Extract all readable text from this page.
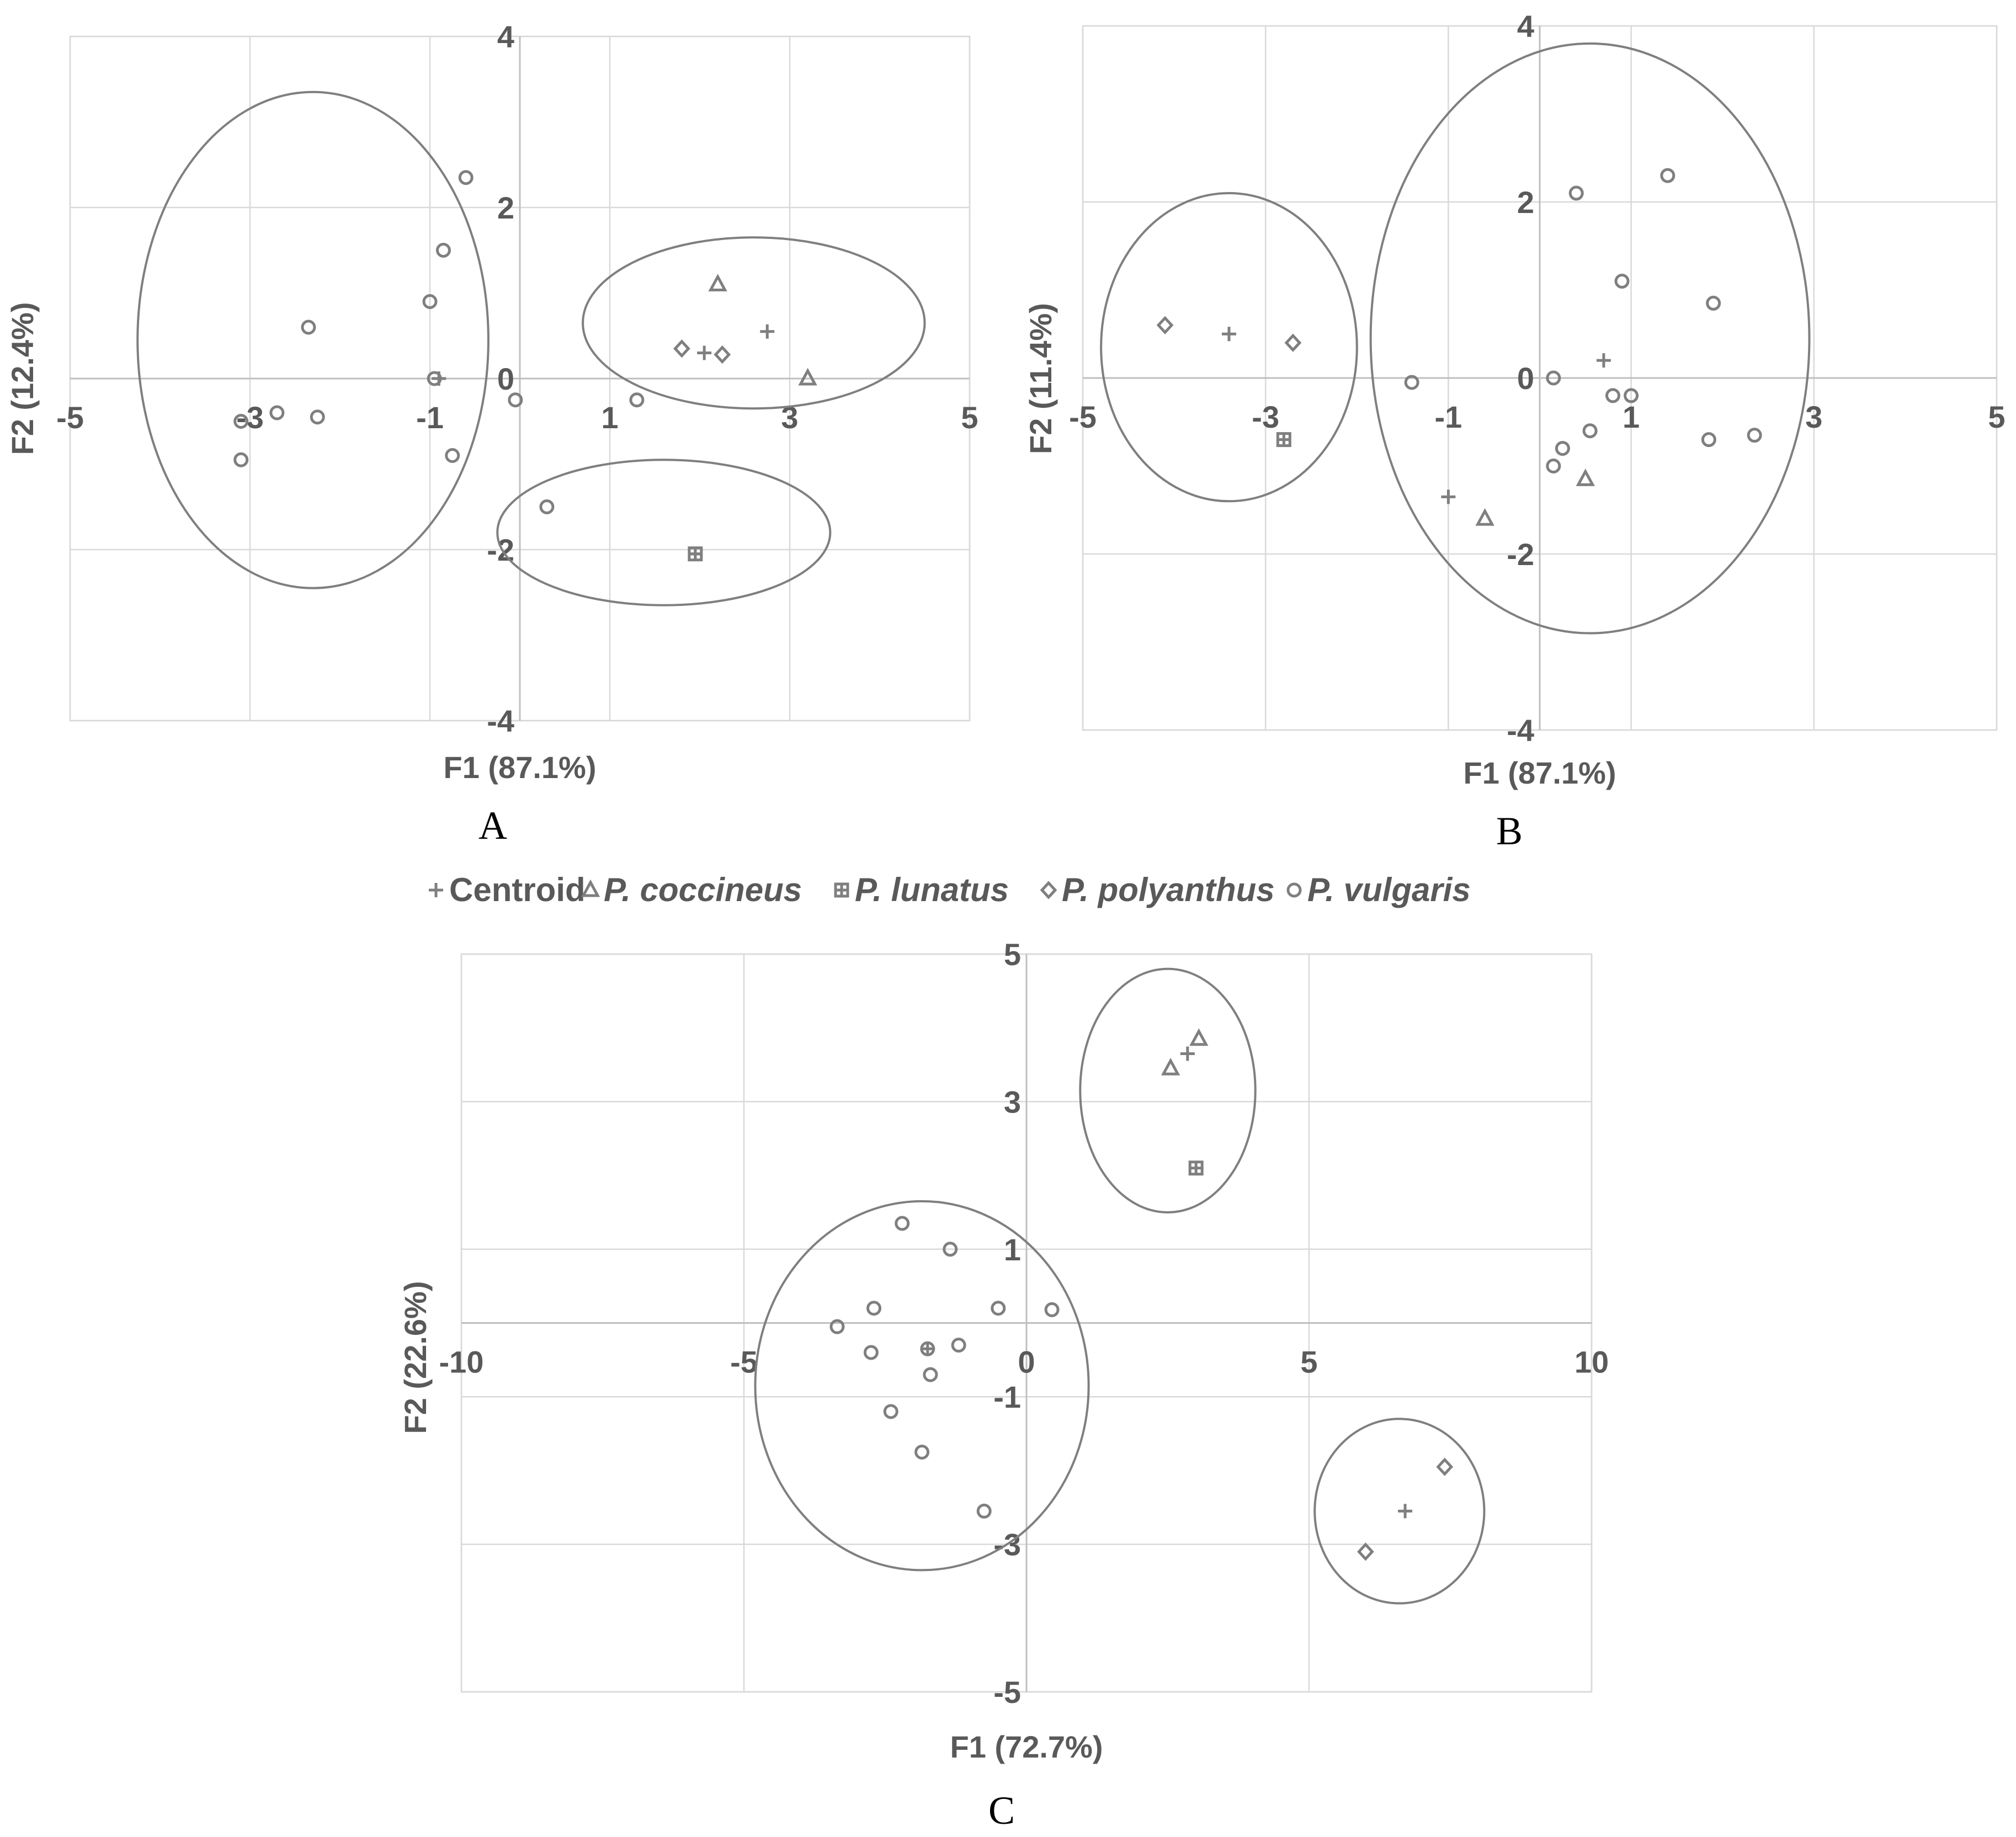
-5	-3	-1	1	3	5
-4
-2
0
2
4
F1 (87.1%)
F2 (12.4%)
A
-5	-3	-1	1	3	5
-4
-2
0
2
4
F1 (87.1%)
F2 (11.4%)
B
Centroid P. coccineus P. lunatus P. polyanthus P. vulgaris
-10	-5	0	5	10
-5
-3
-1
1
3
5
F1 (72.7%)
F2 (22.6%)
C
